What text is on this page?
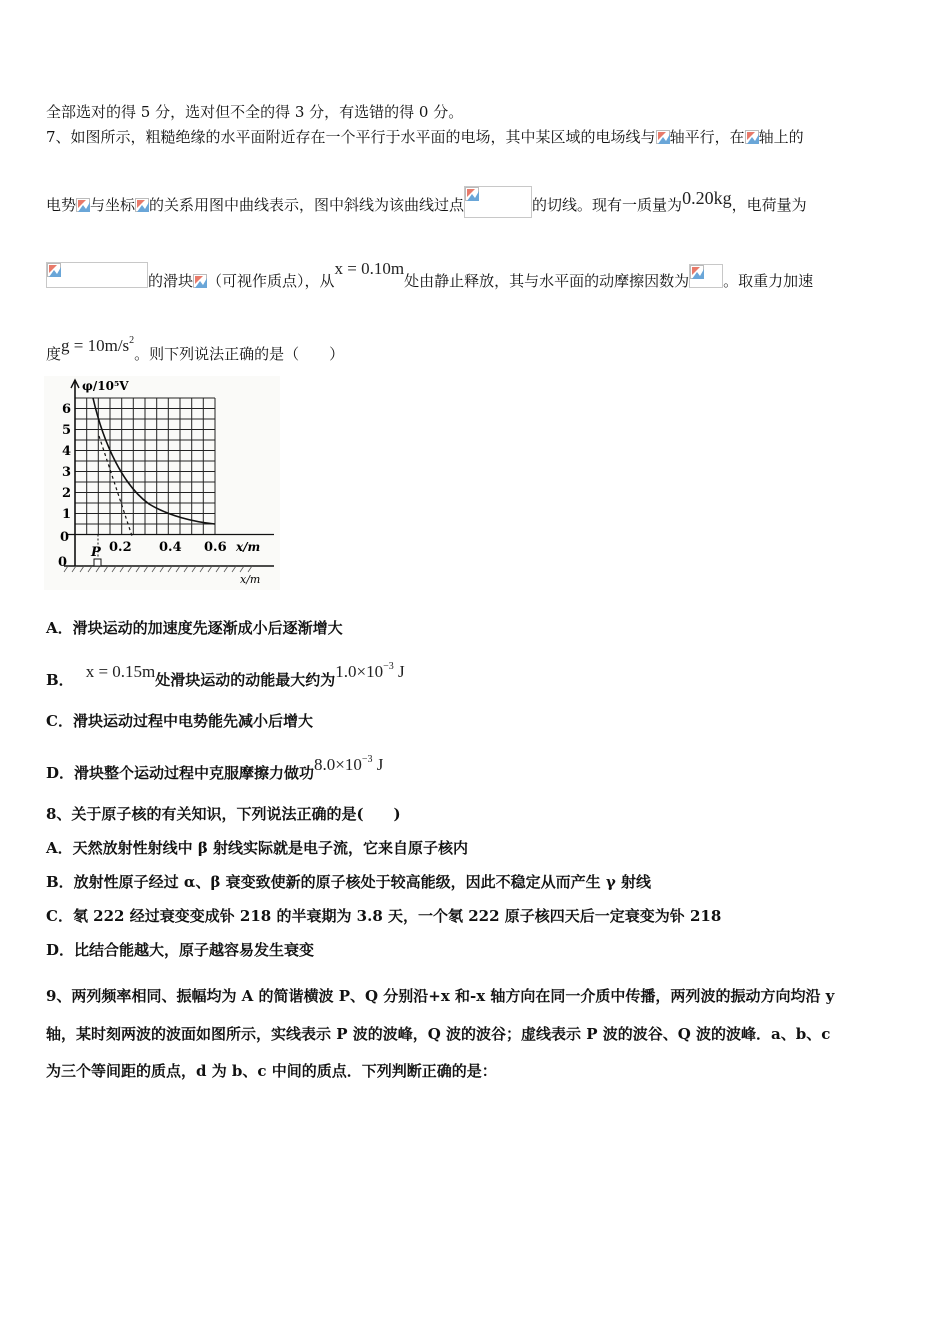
全部选对的得 5 分，选对但不全的得 3 分，有选错的得 0 分。
7、如图所示，粗糙绝缘的水平面附近存在一个平行于水平面的电场，其中某区域的电场线与 轴平行，在 轴上的
电势 与坐标 的关系用图中曲线表示，图中斜线为该曲线过点	的切线。现有一质量为0.20kg，电荷量为
的滑块 （可视作质点），从x = 0.10m处由静止释放，其与水平面的动摩擦因数为 。取重力加速
度$g = 10m/s^2$。则下列说法正确的是（　　）
φ/10⁵V
6
5
4
3
2
1
0
0.2 0.4 0.6
0
x/m
x/m
P
A．滑块运动的加速度先逐渐成小后逐渐增大
B． x = 0.15m处滑块运动的动能最大约为$1.0\times 10^{-3}$ J
C．滑块运动过程中电势能先减小后增大
D．滑块整个运动过程中克服摩擦力做功$8.0\times 10^{-3}$ J
8、关于原子核的有关知识，下列说法正确的是(　　)
A．天然放射性射线中 β 射线实际就是电子流，它来自原子核内
B．放射性原子经过 α、β 衰变致使新的原子核处于较高能级，因此不稳定从而产生 γ 射线
C．氡 222 经过衰变变成钋 218 的半衰期为 3.8 天，一个氡 222 原子核四天后一定衰变为钋 218
D．比结合能越大，原子越容易发生衰变
9、两列频率相同、振幅均为 A 的简谐横波 P、Q 分别沿+x 和-x 轴方向在同一介质中传播，两列波的振动方向均沿 y
轴，某时刻两波的波面如图所示，实线表示 P 波的波峰，Q 波的波谷；虚线表示 P 波的波谷、Q 波的波峰．a、b、c
为三个等间距的质点，d 为 b、c 中间的质点．下列判断正确的是：
